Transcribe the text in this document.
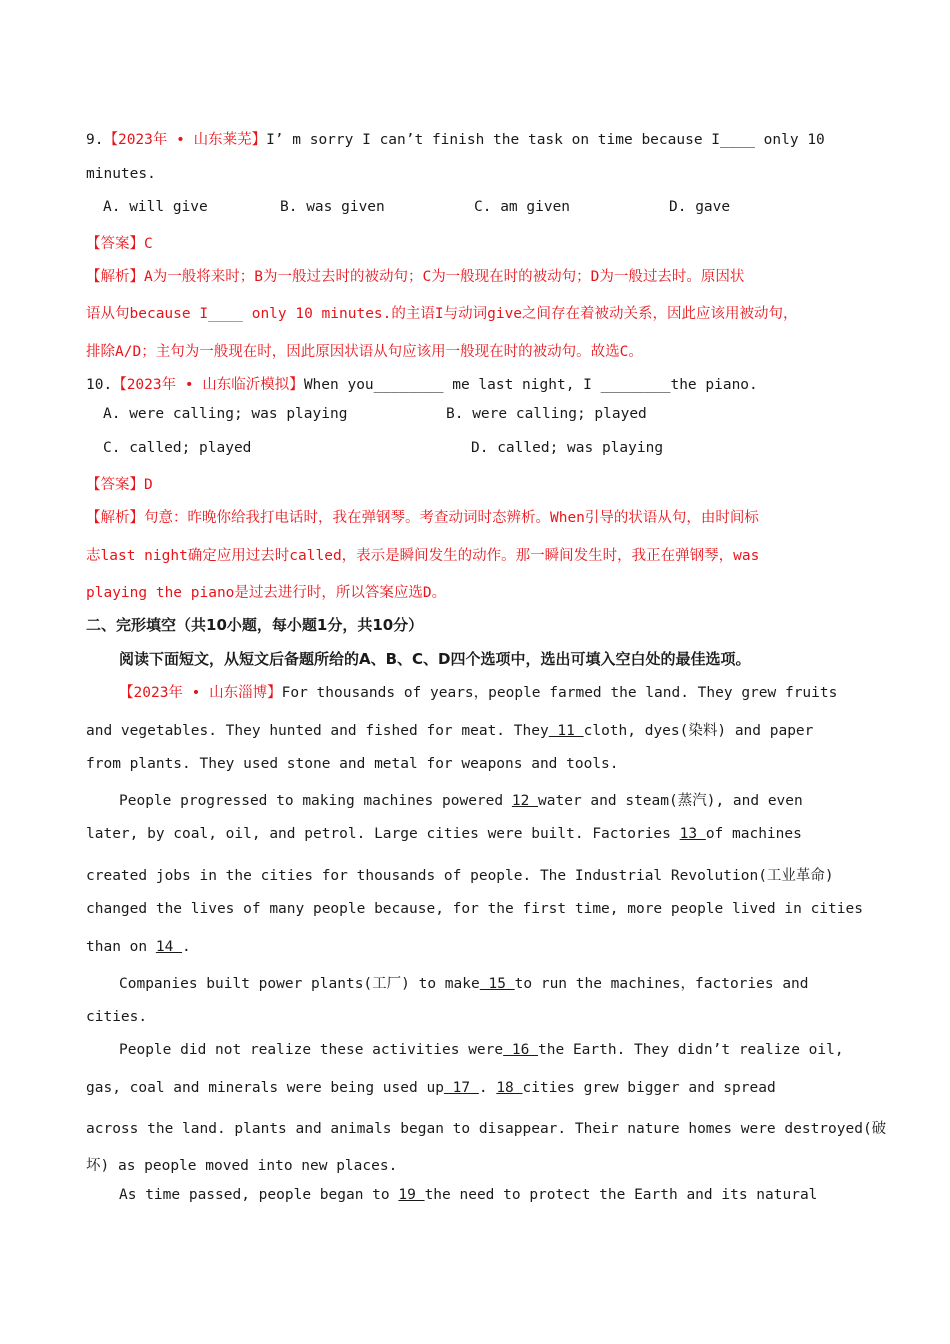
9.【2023年 • 山东莱芜】I’ m sorry I can’t finish the task on time because I____ only 10
minutes.
A. will give	B. was given	C. am given	D. gave
【答案】C
【解析】A为一般将来时；B为一般过去时的被动句；C为一般现在时的被动句；D为一般过去时。原因状
语从句because I____ only 10 minutes.的主语I与动词give之间存在着被动关系，因此应该用被动句，
排除A/D；主句为一般现在时，因此原因状语从句应该用一般现在时的被动句。故选C。
10.【2023年 • 山东临沂模拟】When you________ me last night, I ________the piano.
A. were calling; was playing	B. were calling; played
C. called; played	D. called; was playing
【答案】D
【解析】句意：昨晚你给我打电话时，我在弹钢琴。考查动词时态辨析。When引导的状语从句，由时间标
志last night确定应用过去时called，表示是瞬间发生的动作。那一瞬间发生时，我正在弹钢琴，was
playing the piano是过去进行时，所以答案应选D。
二、完形填空（共10小题，每小题1分，共10分）
阅读下面短文，从短文后备题所给的A、B、C、D四个选项中，选出可填入空白处的最佳选项。
【2023年 • 山东淄博】For thousands of years，people farmed the land. They grew fruits
and vegetables. They hunted and fished for meat. They 11 cloth, dyes(染料) and paper
from plants. They used stone and metal for weapons and tools.
People progressed to making machines powered 12 water and steam(蒸汽), and even
later, by coal, oil, and petrol. Large cities were built. Factories 13 of machines
created jobs in the cities for thousands of people. The Industrial Revolution(工业革命)
changed the lives of many people because, for the first time, more people lived in cities
than on 14 .
Companies built power plants(工厂) to make 15 to run the machines，factories and
cities.
People did not realize these activities were 16 the Earth. They didn’t realize oil,
gas, coal and minerals were being used up 17 . 18 cities grew bigger and spread
across the land. plants and animals began to disappear. Their nature homes were destroyed(破
坏) as people moved into new places.
As time passed, people began to 19 the need to protect the Earth and its natural
